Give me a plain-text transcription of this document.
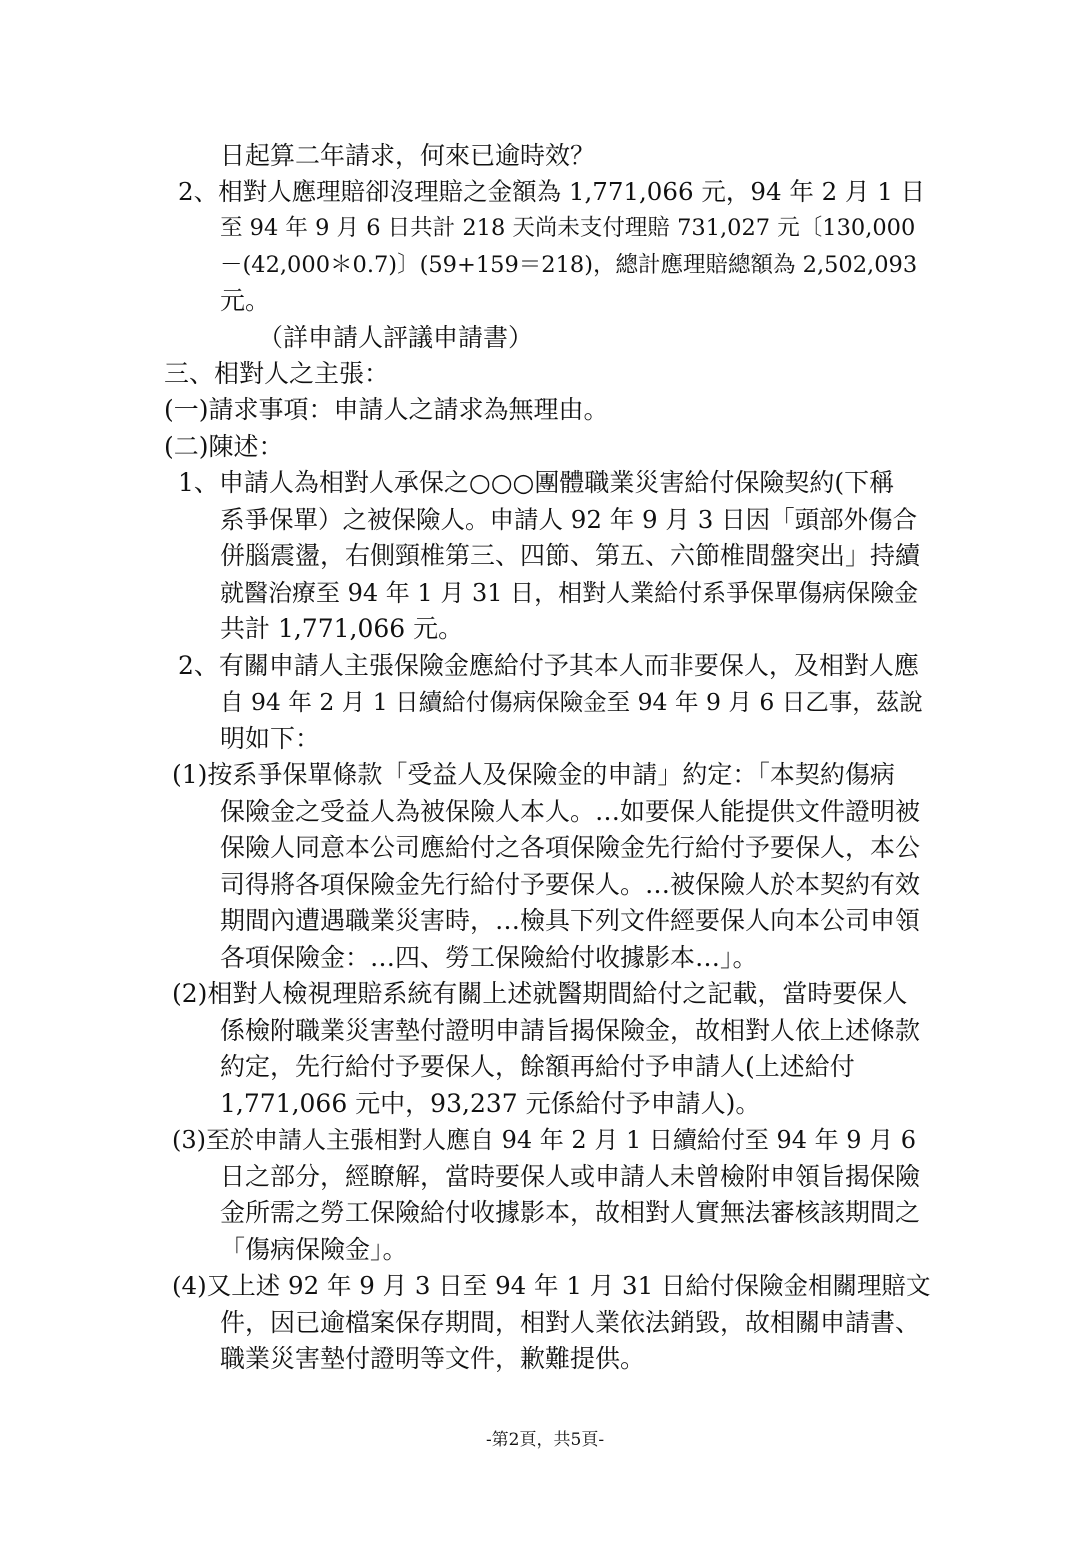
日起算二年請求，何來已逾時效？
2、相對人應理賠卻沒理賠之金額為 1,771,066 元，94 年 2 月 1 日
至 94 年 9 月 6 日共計 218 天尚未支付理賠 731,027 元〔130,000
－(42,000＊0.7)〕(59+159＝218)，總計應理賠總額為 2,502,093
元。
（詳申請人評議申請書）
三、相對人之主張：
(一)請求事項：申請人之請求為無理由。
(二)陳述：
1、申請人為相對人承保之○○○團體職業災害給付保險契約(下稱
系爭保單）之被保險人。申請人 92 年 9 月 3 日因「頭部外傷合
併腦震盪，右側頸椎第三、四節、第五、六節椎間盤突出」持續
就醫治療至 94 年 1 月 31 日，相對人業給付系爭保單傷病保險金
共計 1,771,066 元。
2、有關申請人主張保險金應給付予其本人而非要保人，及相對人應
自 94 年 2 月 1 日續給付傷病保險金至 94 年 9 月 6 日乙事，茲說
明如下：
(1)按系爭保單條款「受益人及保險金的申請」約定：「本契約傷病
保險金之受益人為被保險人本人。…如要保人能提供文件證明被
保險人同意本公司應給付之各項保險金先行給付予要保人，本公
司得將各項保險金先行給付予要保人。…被保險人於本契約有效
期間內遭遇職業災害時，…檢具下列文件經要保人向本公司申領
各項保險金：…四、勞工保險給付收據影本…」。
(2)相對人檢視理賠系統有關上述就醫期間給付之記載，當時要保人
係檢附職業災害墊付證明申請旨揭保險金，故相對人依上述條款
約定，先行給付予要保人，餘額再給付予申請人(上述給付
1,771,066 元中，93,237 元係給付予申請人)。
(3)至於申請人主張相對人應自 94 年 2 月 1 日續給付至 94 年 9 月 6
日之部分，經瞭解，當時要保人或申請人未曾檢附申領旨揭保險
金所需之勞工保險給付收據影本，故相對人實無法審核該期間之
「傷病保險金」。
(4)又上述 92 年 9 月 3 日至 94 年 1 月 31 日給付保險金相關理賠文
件，因已逾檔案保存期間，相對人業依法銷毀，故相關申請書、
職業災害墊付證明等文件，歉難提供。
-第2頁，共5頁-
